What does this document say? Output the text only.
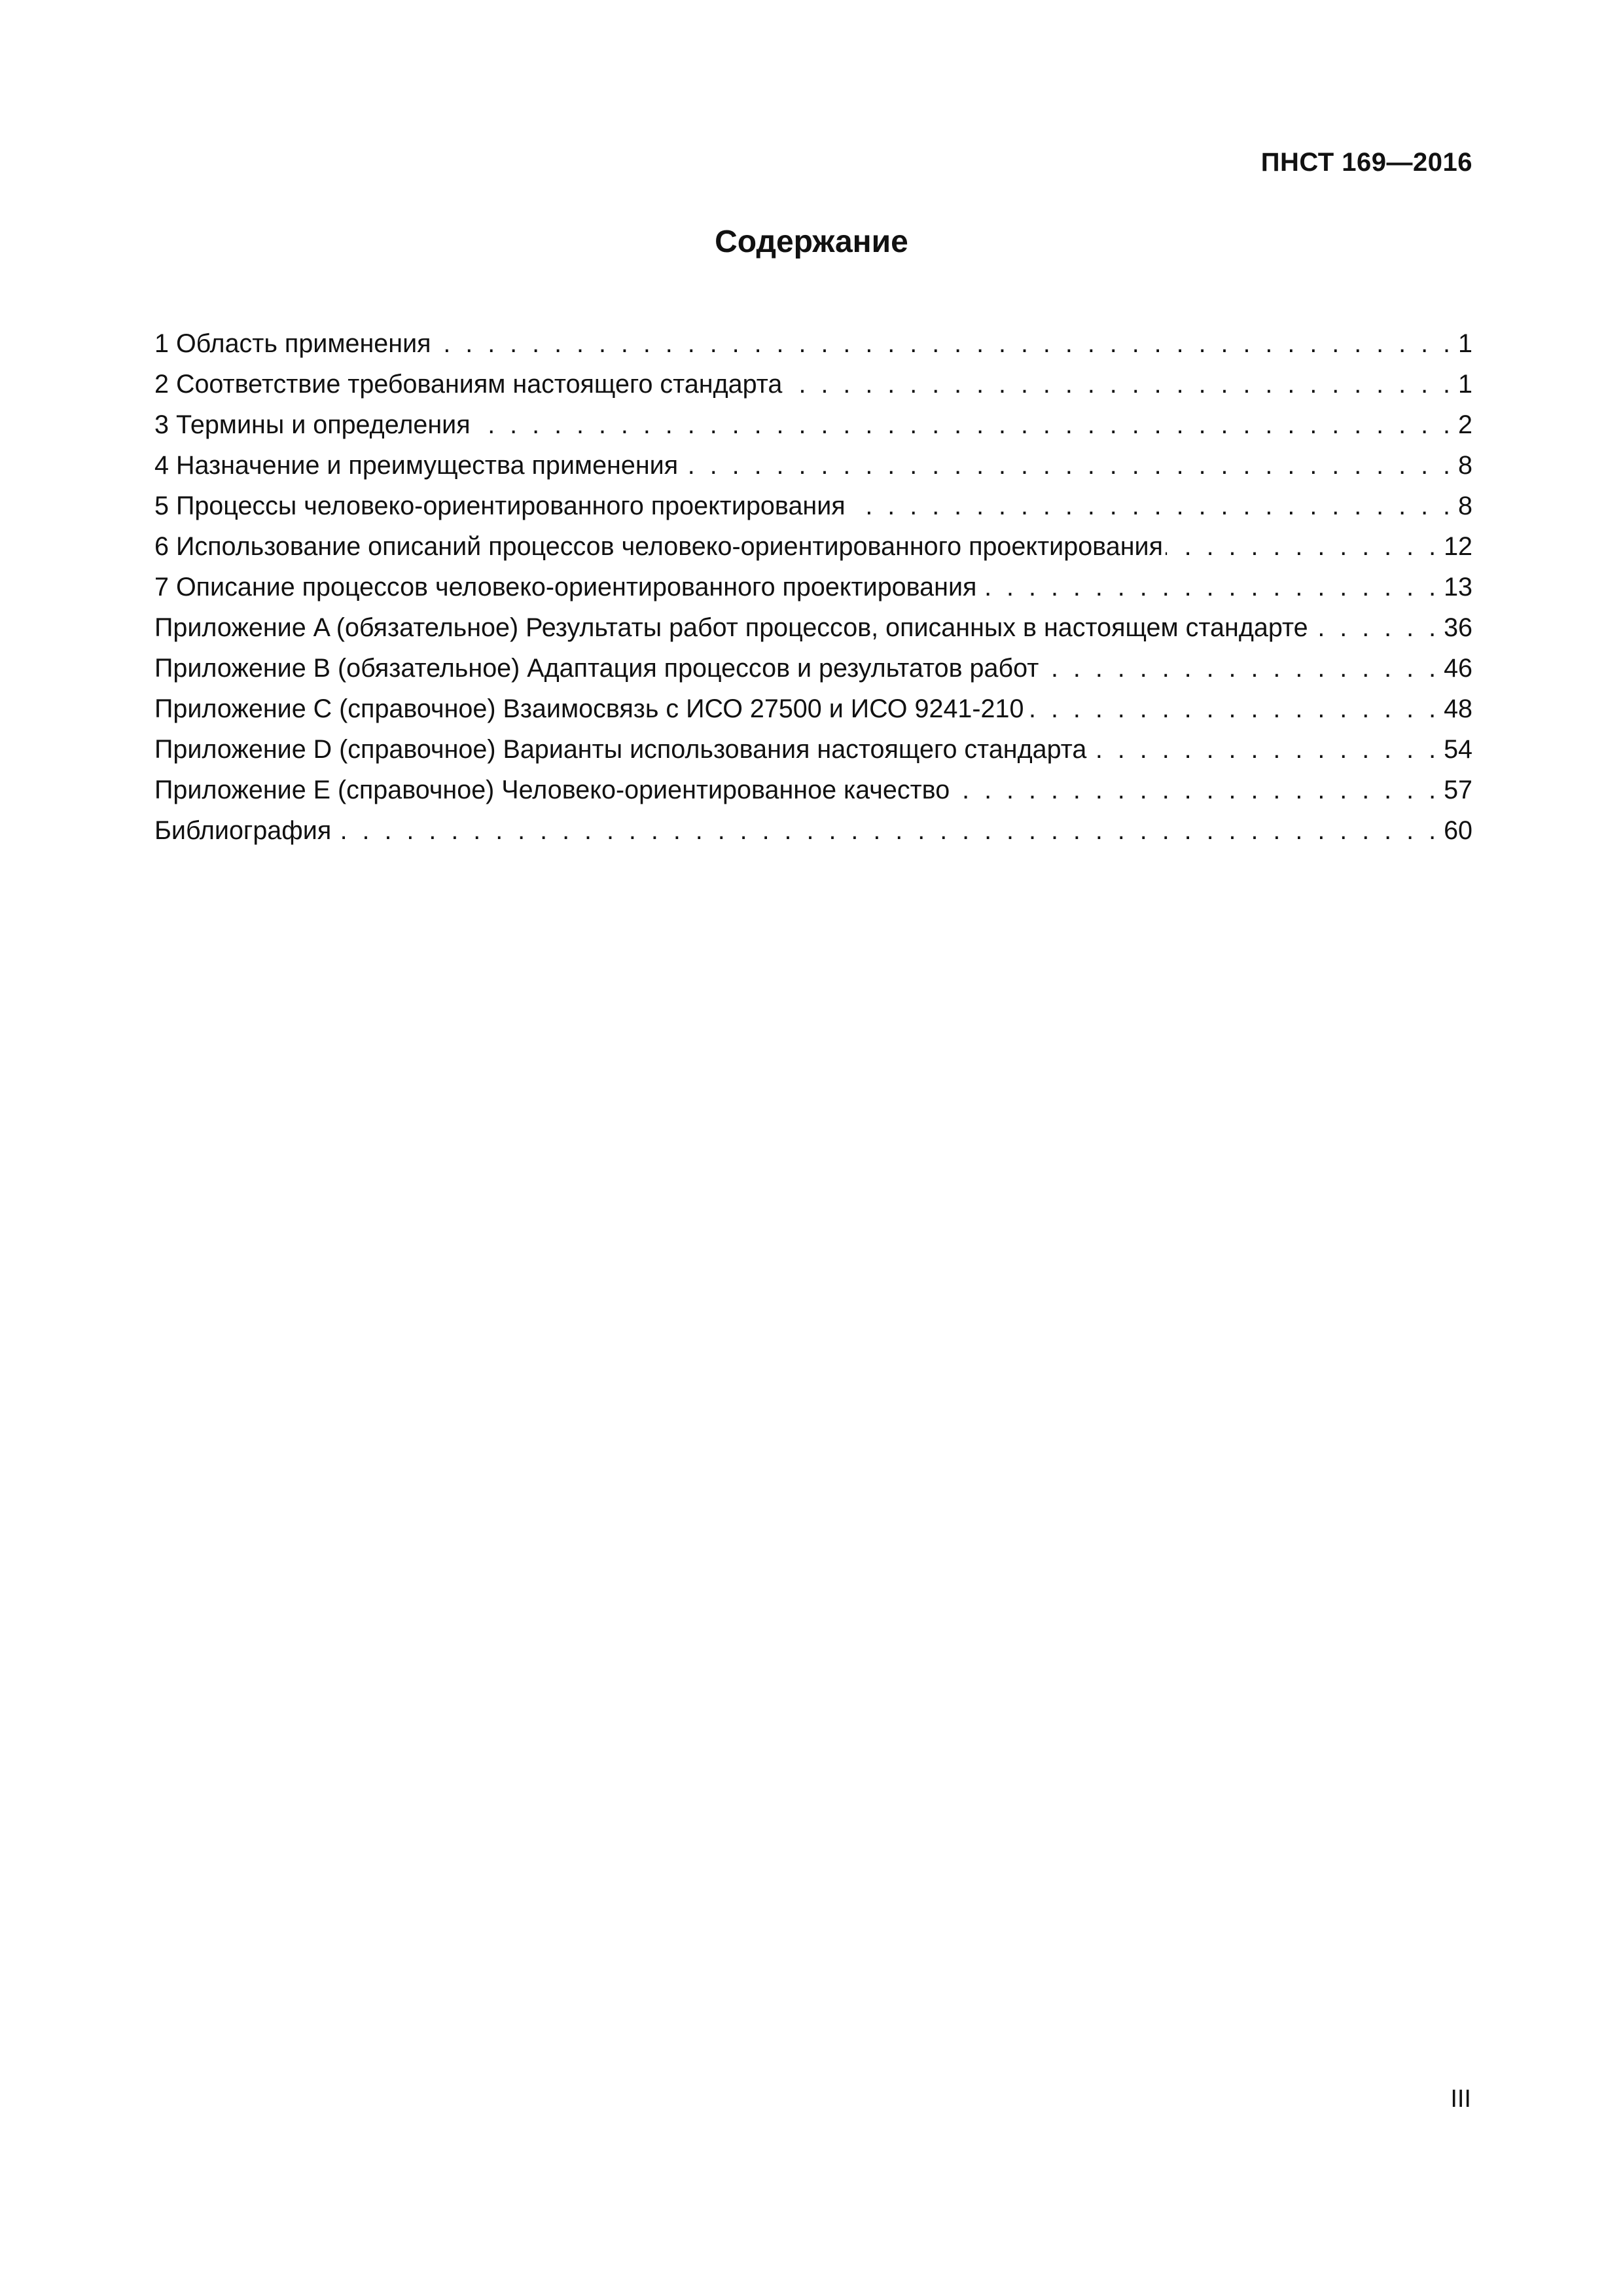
ПНСТ 169—2016
Содержание
1 Область применения . . .	1
2 Соответствие требованиям настоящего стандарта . . .	1
3 Термины и определения . . .	2
4 Назначение и преимущества применения . . .	8
5 Процессы человеко-ориентированного проектирования . . .	8
6 Использование описаний процессов человеко-ориентированного проектирования . . .	12
7 Описание процессов человеко-ориентированного проектирования . . .	13
Приложение A (обязательное) Результаты работ процессов, описанных в настоящем стандарте . . .	36
Приложение B (обязательное) Адаптация процессов и результатов работ . . .	46
Приложение C (справочное) Взаимосвязь с ИСО 27500 и ИСО 9241-210 . . .	48
Приложение D (справочное) Варианты использования настоящего стандарта . . .	54
Приложение E (справочное) Человеко-ориентированное качество . . .	57
Библиография . . .	60
III
